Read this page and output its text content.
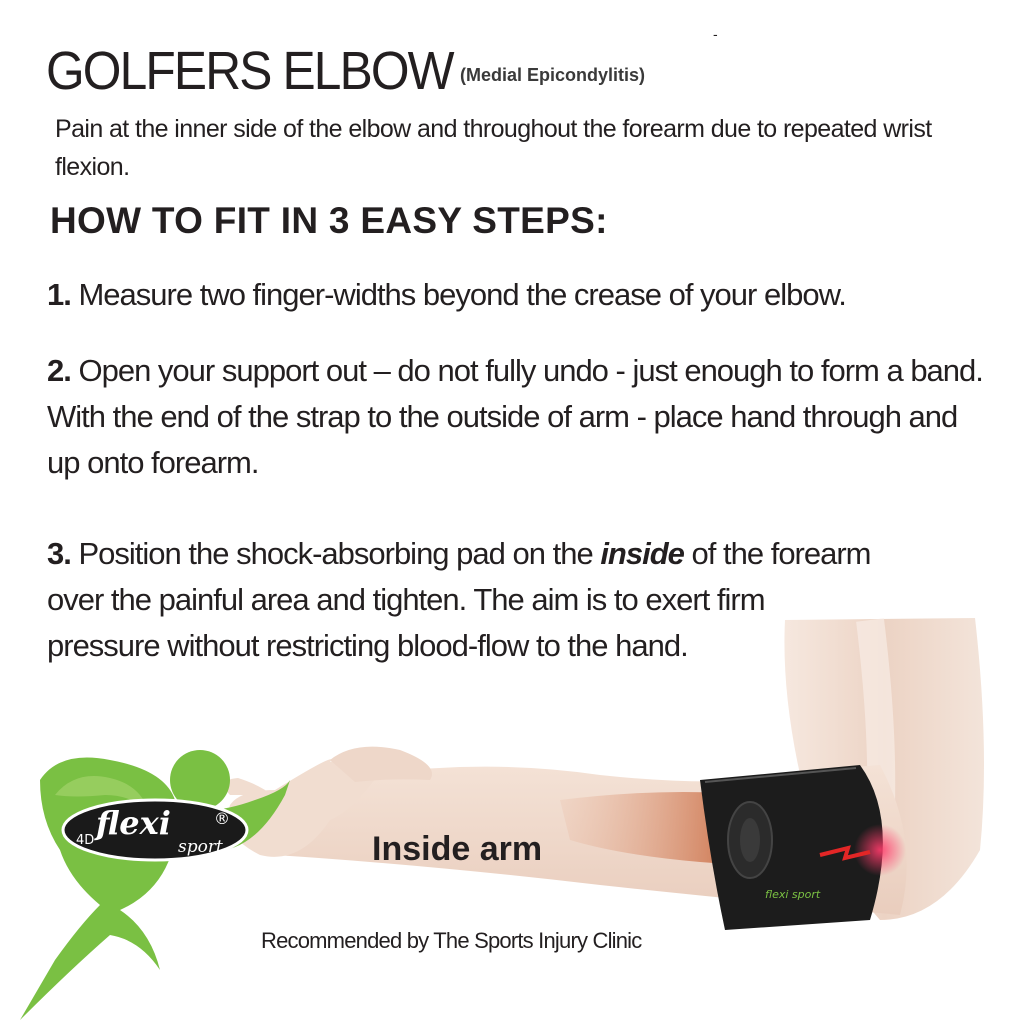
GOLFERS ELBOW (Medial Epicondylitis)
-
Pain at the inner side of the elbow and throughout the forearm due to repeated wrist flexion.
HOW TO FIT IN 3 EASY STEPS:
1. Measure two finger-widths beyond the crease of your elbow.
2. Open your support out – do not fully undo - just enough to form a band. With the end of the strap to the outside of arm - place hand through and up onto forearm.
3. Position the shock-absorbing pad on the inside of the forearm
over the painful area and tighten. The aim is to exert firm pressure without restricting blood-flow to the hand.
flexi sport
Inside arm
Recommended by The Sports Injury Clinic
4D flexi
sport
®
